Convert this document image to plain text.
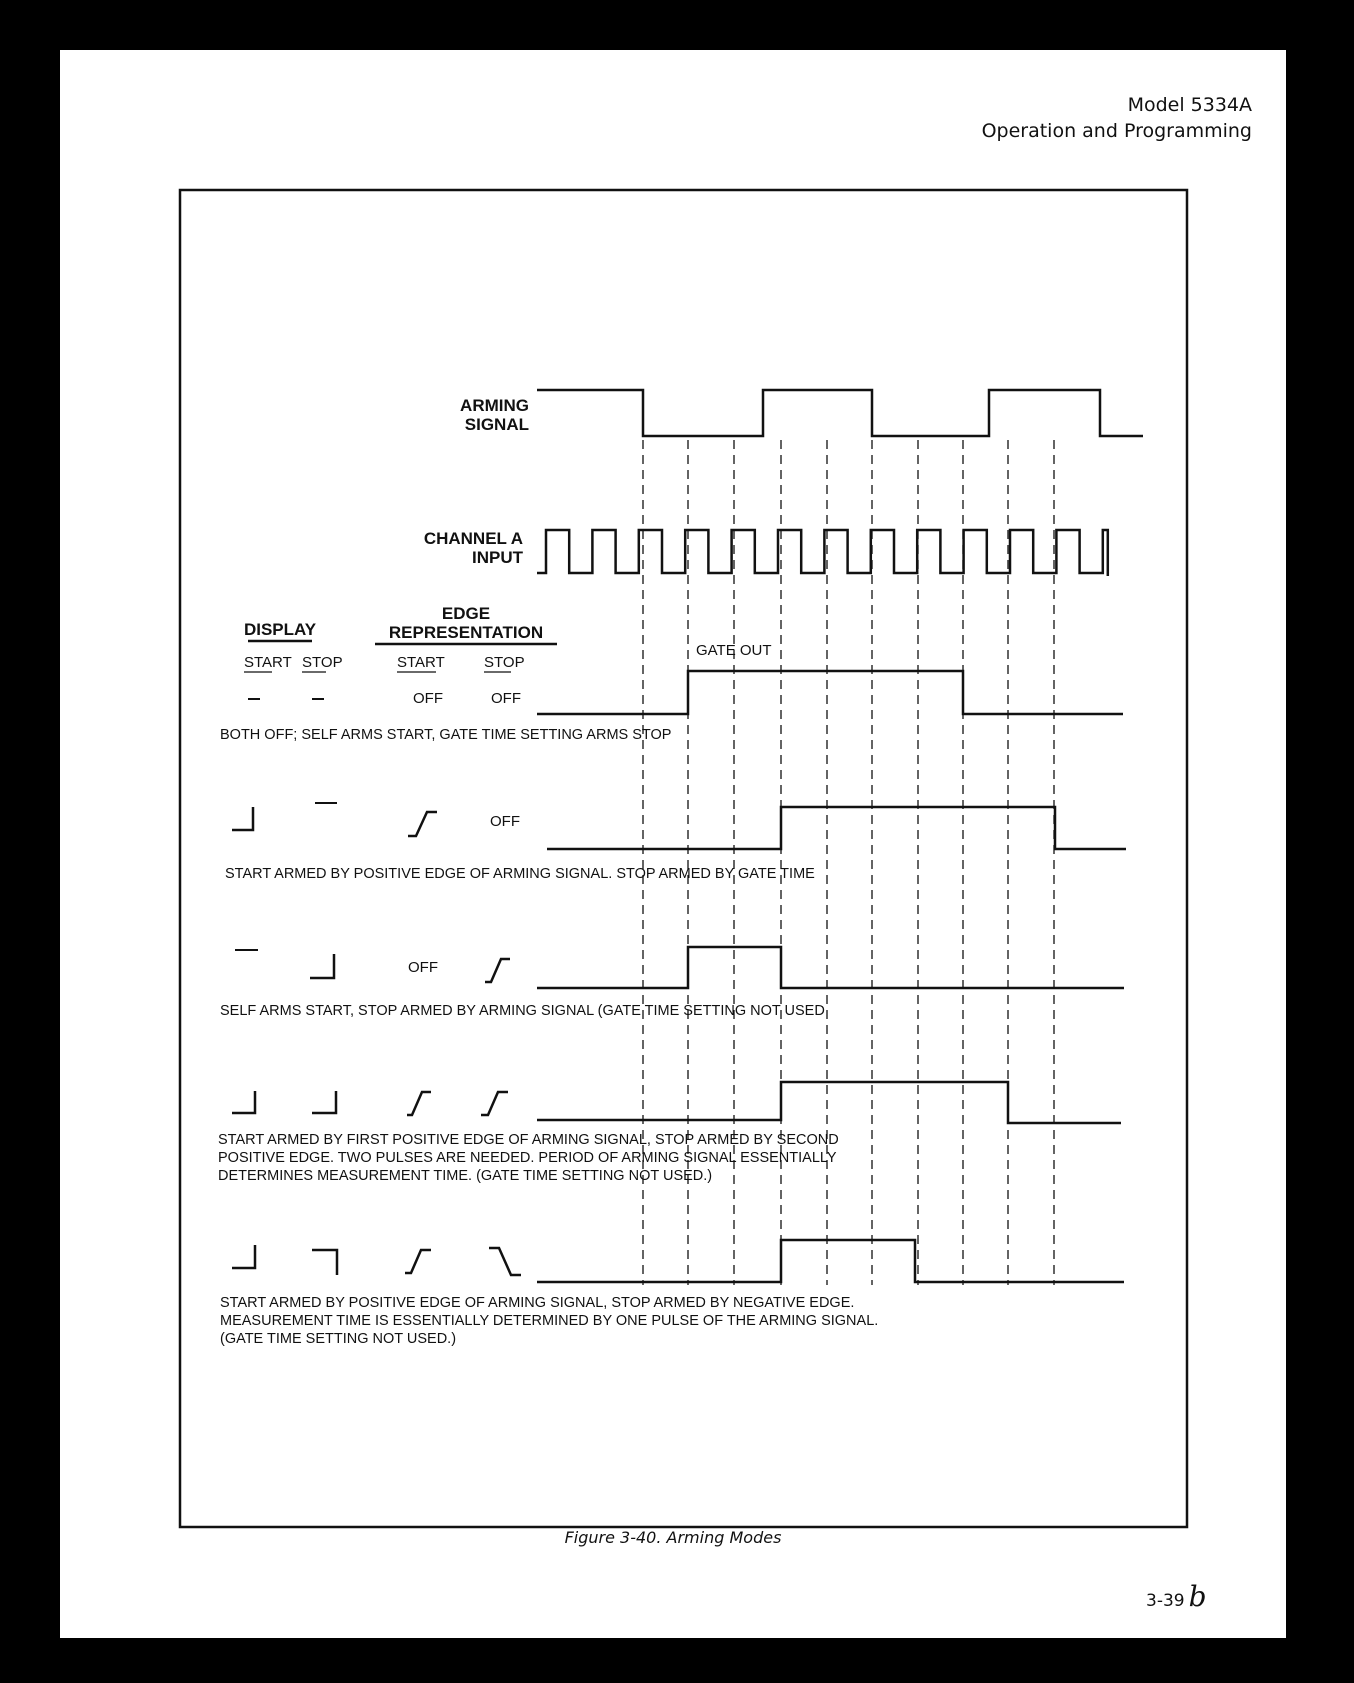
Model 5334A
Operation and Programming
ARMING
SIGNAL
CHANNEL A
INPUT
EDGE
DISPLAY	REPRESENTATION
START STOP	START	STOP
GATE OUT
OFF	OFF
BOTH OFF; SELF ARMS START, GATE TIME SETTING ARMS STOP
OFF
START ARMED BY POSITIVE EDGE OF ARMING SIGNAL. STOP ARMED BY GATE TIME
OFF
SELF ARMS START, STOP ARMED BY ARMING SIGNAL (GATE TIME SETTING NOT USED
START ARMED BY FIRST POSITIVE EDGE OF ARMING SIGNAL, STOP ARMED BY SECOND
POSITIVE EDGE. TWO PULSES ARE NEEDED. PERIOD OF ARMING SIGNAL ESSENTIALLY
DETERMINES MEASUREMENT TIME. (GATE TIME SETTING NOT USED.)
START ARMED BY POSITIVE EDGE OF ARMING SIGNAL, STOP ARMED BY NEGATIVE EDGE.
MEASUREMENT TIME IS ESSENTIALLY DETERMINED BY ONE PULSE OF THE ARMING SIGNAL.
(GATE TIME SETTING NOT USED.)
Figure 3-40. Arming Modes
3-39 b
